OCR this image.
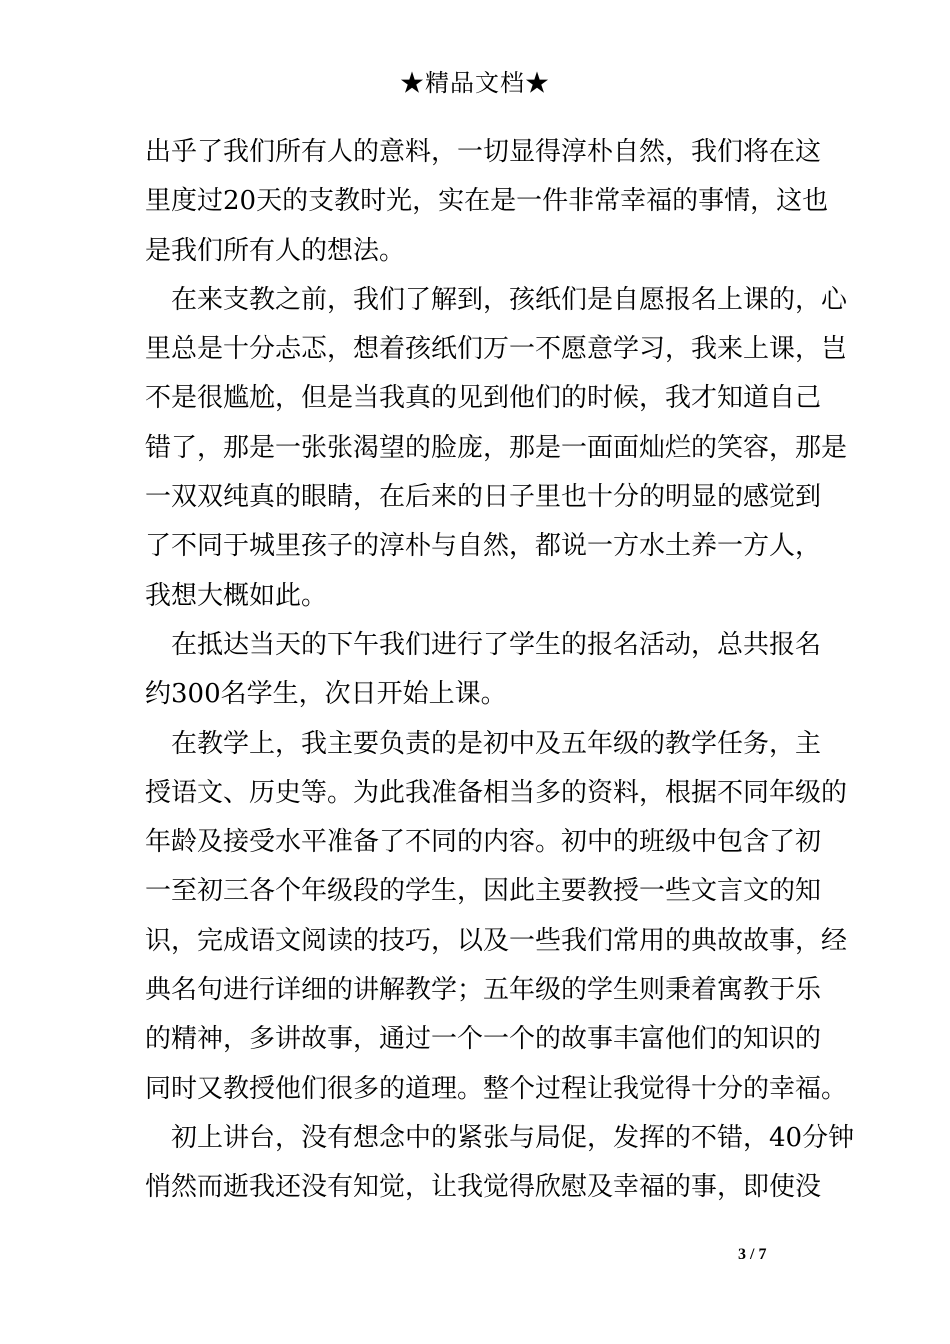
★精品文档★
出乎了我们所有人的意料，一切显得淳朴自然，我们将在这
里度过20天的支教时光，实在是一件非常幸福的事情，这也
是我们所有人的想法。
在来支教之前，我们了解到，孩纸们是自愿报名上课的，心
里总是十分忐忑，想着孩纸们万一不愿意学习，我来上课，岂
不是很尴尬，但是当我真的见到他们的时候，我才知道自己
错了，那是一张张渴望的脸庞，那是一面面灿烂的笑容，那是
一双双纯真的眼睛，在后来的日子里也十分的明显的感觉到
了不同于城里孩子的淳朴与自然，都说一方水土养一方人，
我想大概如此。
在抵达当天的下午我们进行了学生的报名活动，总共报名
约300名学生，次日开始上课。
在教学上，我主要负责的是初中及五年级的教学任务，主
授语文、历史等。为此我准备相当多的资料，根据不同年级的
年龄及接受水平准备了不同的内容。初中的班级中包含了初
一至初三各个年级段的学生，因此主要教授一些文言文的知
识，完成语文阅读的技巧，以及一些我们常用的典故故事，经
典名句进行详细的讲解教学；五年级的学生则秉着寓教于乐
的精神，多讲故事，通过一个一个的故事丰富他们的知识的
同时又教授他们很多的道理。整个过程让我觉得十分的幸福。
初上讲台，没有想念中的紧张与局促，发挥的不错，40分钟
悄然而逝我还没有知觉，让我觉得欣慰及幸福的事，即使没
3 / 7
